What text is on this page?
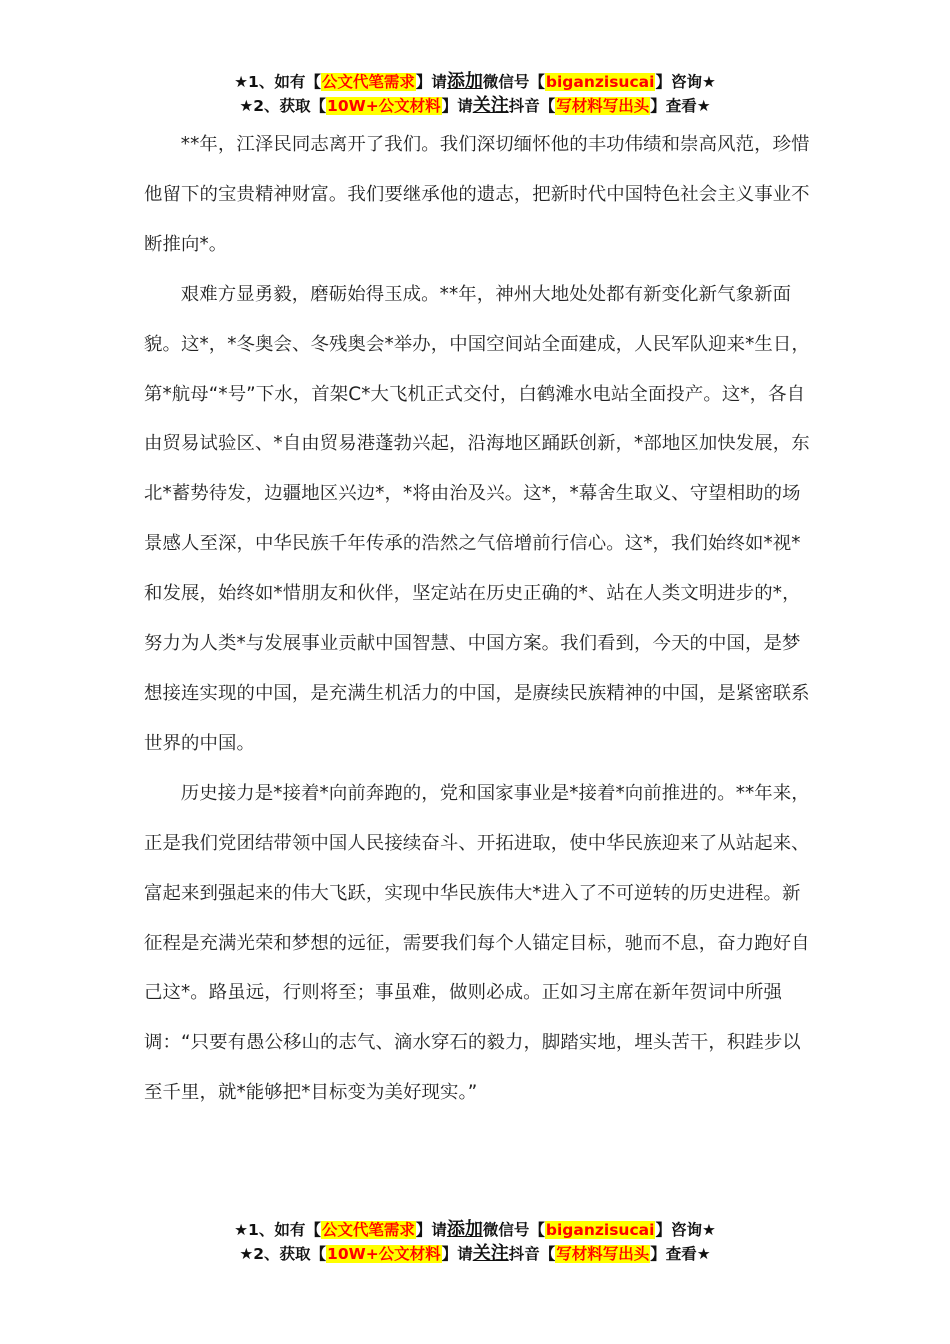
★1、如有【公文代笔需求】请添加微信号【biganzisucai】咨询★
★2、获取【10W+公文材料】请关注抖音【写材料写出头】查看★

**年，江泽民同志离开了我们。我们深切缅怀他的丰功伟绩和崇高风范，珍惜他留下的宝贵精神财富。我们要继承他的遗志，把新时代中国特色社会主义事业不断推向*。

艰难方显勇毅，磨砺始得玉成。**年，神州大地处处都有新变化新气象新面貌。这*，*冬奥会、冬残奥会*举办，中国空间站全面建成，人民军队迎来*生日，第*航母“*号”下水，首架C*大飞机正式交付，白鹤滩水电站全面投产。这*，各自由贸易试验区、*自由贸易港蓬勃兴起，沿海地区踊跃创新，*部地区加快发展，东北*蓄势待发，边疆地区兴边*，*将由治及兴。这*，*幕舍生取义、守望相助的场景感人至深，中华民族千年传承的浩然之气倍增前行信心。这*，我们始终如*视*和发展，始终如*惜朋友和伙伴，坚定站在历史正确的*、站在人类文明进步的*，努力为人类*与发展事业贡献中国智慧、中国方案。我们看到，今天的中国，是梦想接连实现的中国，是充满生机活力的中国，是赓续民族精神的中国，是紧密联系世界的中国。

历史接力是*接着*向前奔跑的，党和国家事业是*接着*向前推进的。**年来，正是我们党团结带领中国人民接续奋斗、开拓进取，使中华民族迎来了从站起来、富起来到强起来的伟大飞跃，实现中华民族伟大*进入了不可逆转的历史进程。新征程是充满光荣和梦想的远征，需要我们每个人锚定目标，驰而不息，奋力跑好自己这*。路虽远，行则将至；事虽难，做则必成。正如习主席在新年贺词中所强调：“只要有愚公移山的志气、滴水穿石的毅力，脚踏实地，埋头苦干，积跬步以至千里，就*能够把*目标变为美好现实。”

★1、如有【公文代笔需求】请添加微信号【biganzisucai】咨询★
★2、获取【10W+公文材料】请关注抖音【写材料写出头】查看★
